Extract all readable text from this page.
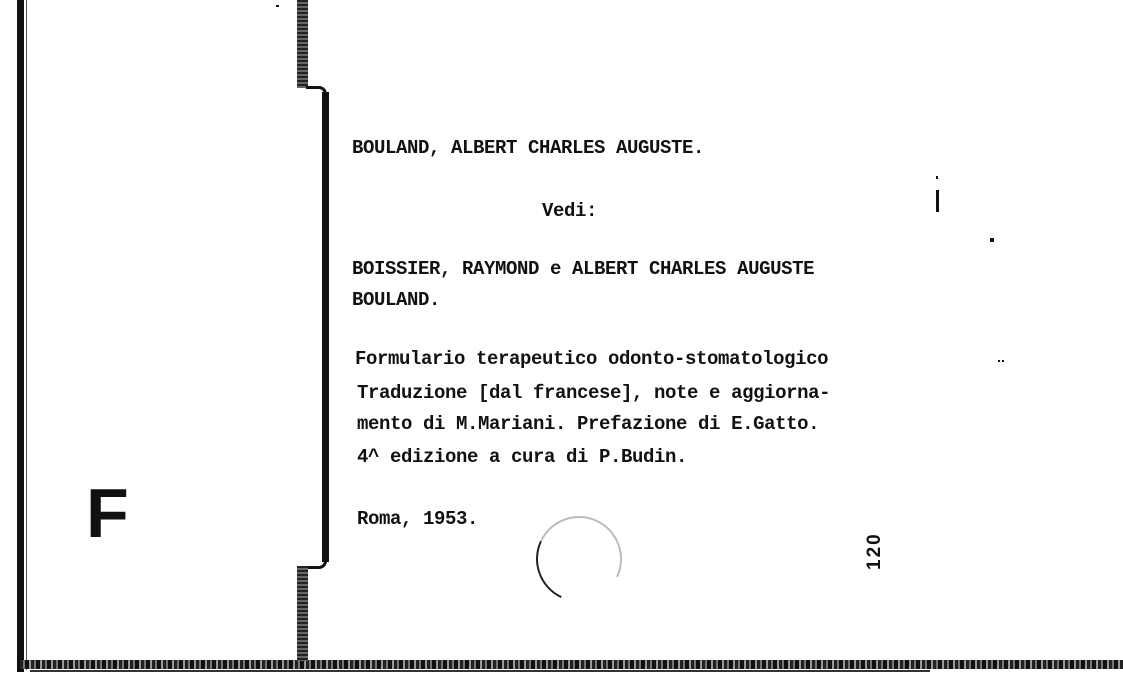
F
BOULAND, ALBERT CHARLES AUGUSTE.
Vedi:
BOISSIER, RAYMOND e ALBERT CHARLES AUGUSTE
BOULAND.
Formulario terapeutico odonto-stomatologico
Traduzione [dal francese], note e aggiorna-
mento di M.Mariani. Prefazione di E.Gatto.
4^ edizione a cura di P.Budin.
Roma, 1953.
120
